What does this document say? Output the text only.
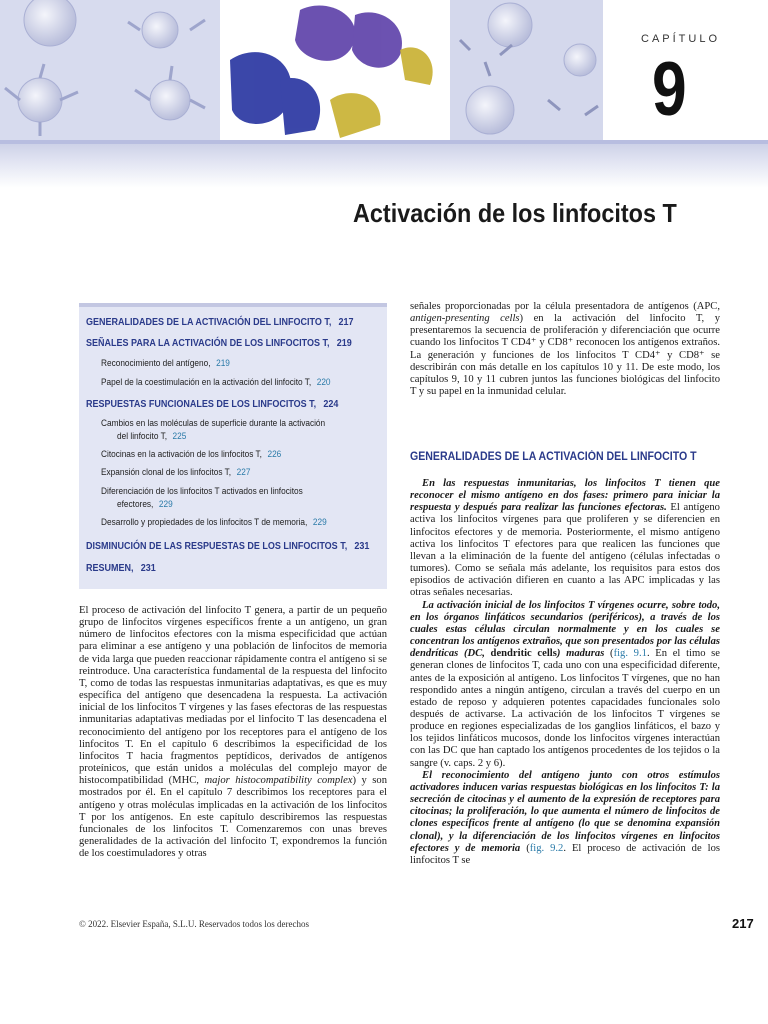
CAPÍTULO
9
Activación de los linfocitos T
GENERALIDADES DE LA ACTIVACIÓN DEL LINFOCITO T, 217
SEÑALES PARA LA ACTIVACIÓN DE LOS LINFOCITOS T, 219
Reconocimiento del antígeno, 219
Papel de la coestimulación en la activación del linfocito T, 220
RESPUESTAS FUNCIONALES DE LOS LINFOCITOS T, 224
Cambios en las moléculas de superficie durante la activación
del linfocito T, 225
Citocinas en la activación de los linfocitos T, 226
Expansión clonal de los linfocitos T, 227
Diferenciación de los linfocitos T activados en linfocitos
efectores, 229
Desarrollo y propiedades de los linfocitos T de memoria, 229
DISMINUCIÓN DE LAS RESPUESTAS DE LOS LINFOCITOS T, 231
RESUMEN, 231

El proceso de activación del linfocito T genera, a partir de un pequeño grupo de linfocitos vírgenes específicos frente a un antígeno, un gran número de linfocitos efectores con la misma especificidad que actúan para eliminar a ese antígeno y una población de linfocitos de memoria de vida larga que pueden reaccionar rápidamente contra el antígeno si se reintroduce. Una característica fundamental de la respuesta del linfocito T, como de todas las respuestas inmunitarias adaptativas, es que es muy específica del antígeno que desencadena la respuesta. La activación inicial de los linfocitos T vírgenes y las fases efectoras de las respuestas inmunitarias adaptativas mediadas por el linfocito T las desencadena el reconocimiento del antígeno por los receptores para el antígeno de los linfocitos T. En el capítulo 6 describimos la especificidad de los linfocitos T hacia fragmentos peptídicos, derivados de antígenos proteínicos, que están unidos a moléculas del complejo mayor de histocompatibilidad (MHC, major histocompatibility complex) y son mostrados por él. En el capítulo 7 describimos los receptores para el antígeno y otras moléculas implicadas en la activación de los linfocitos T por los antígenos. En este capítulo describiremos las respuestas funcionales de los linfocitos T. Comenzaremos con unas breves generalidades de la activación del linfocito T, expondremos la función de los coestimuladores y otras

señales proporcionadas por la célula presentadora de antígenos (APC, antigen-presenting cells) en la activación del linfocito T, y presentaremos la secuencia de proliferación y diferenciación que ocurre cuando los linfocitos T CD4⁺ y CD8⁺ reconocen los antígenos extraños. La generación y funciones de los linfocitos T CD4⁺ y CD8⁺ se describirán con más detalle en los capítulos 10 y 11. De este modo, los capítulos 9, 10 y 11 cubren juntos las funciones biológicas del linfocito T y su papel en la inmunidad celular.

GENERALIDADES DE LA ACTIVACIÓN DEL LINFOCITO T

En las respuestas inmunitarias, los linfocitos T tienen que reconocer el mismo antígeno en dos fases: primero para iniciar la respuesta y después para realizar las funciones efectoras. El antígeno activa los linfocitos vírgenes para que proliferen y se diferencien en linfocitos efectores y de memoria. Posteriormente, el mismo antígeno activa los linfocitos T efectores para que realicen las funciones que llevan a la eliminación de la fuente del antígeno (células infectadas o tumores). Como se señala más adelante, los requisitos para estos dos episodios de activación difieren en cuanto a las APC implicadas y las otras señales necesarias.

La activación inicial de los linfocitos T vírgenes ocurre, sobre todo, en los órganos linfáticos secundarios (periféricos), a través de los cuales estas células circulan normalmente y en los cuales se concentran los antígenos extraños, que son presentados por las células dendríticas (DC, dendritic cells) maduras (fig. 9.1. En el timo se generan clones de linfocitos T, cada uno con una especificidad diferente, antes de la exposición al antígeno. Los linfocitos T vírgenes, que no han respondido antes a ningún antígeno, circulan a través del cuerpo en un estado de reposo y adquieren potentes capacidades funcionales solo después de activarse. La activación de los linfocitos T vírgenes se produce en regiones especializadas de los ganglios linfáticos, el bazo y los tejidos linfáticos mucosos, donde los linfocitos vírgenes interactúan con las DC que han captado los antígenos procedentes de los tejidos o la sangre (v. caps. 2 y 6).

El reconocimiento del antígeno junto con otros estímulos activadores inducen varias respuestas biológicas en los linfocitos T: la secreción de citocinas y el aumento de la expresión de receptores para citocinas; la proliferación, lo que aumenta el número de linfocitos de clones específicos frente al antígeno (lo que se denomina expansión clonal), y la diferenciación de los linfocitos vírgenes en linfocitos efectores y de memoria (fig. 9.2. El proceso de activación de los linfocitos T se

© 2022. Elsevier España, S.L.U. Reservados todos los derechos	217
